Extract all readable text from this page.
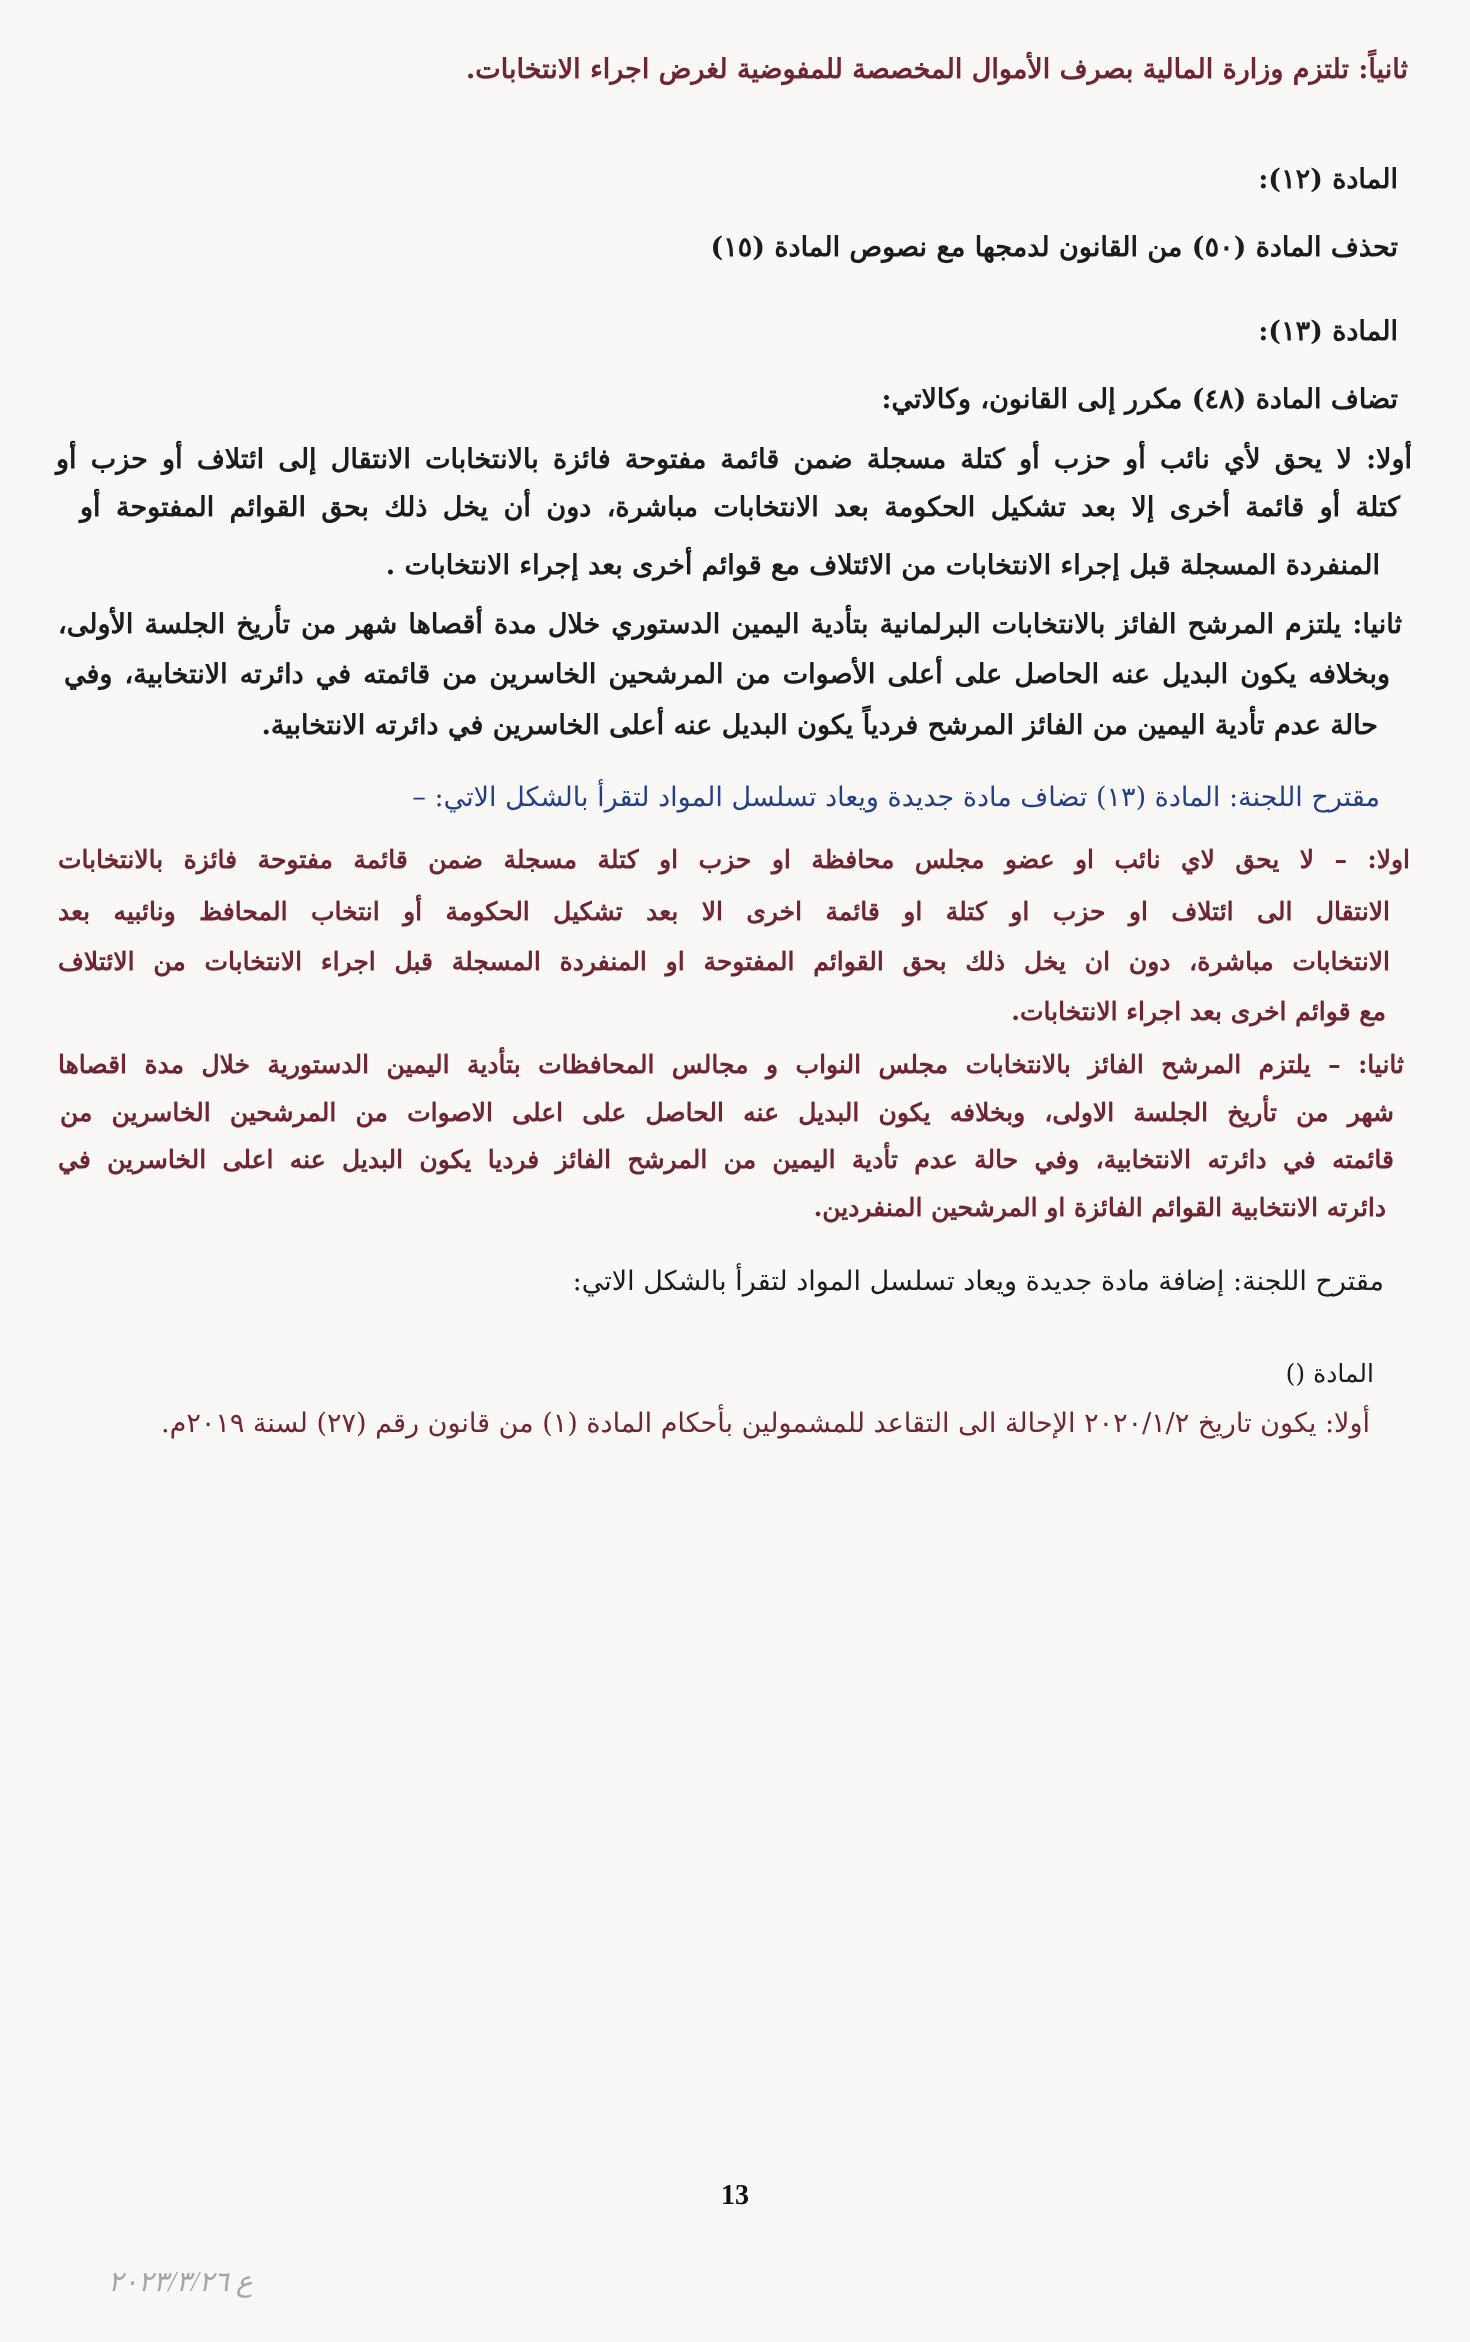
ثانياً: تلتزم وزارة المالية بصرف الأموال المخصصة للمفوضية لغرض اجراء الانتخابات.
المادة (١٢):
تحذف المادة (٥٠) من القانون لدمجها مع نصوص المادة (١٥)
المادة (١٣):
تضاف المادة (٤٨) مكرر إلى القانون، وكالاتي:
أولا: لا يحق لأي نائب أو حزب أو كتلة مسجلة ضمن قائمة مفتوحة فائزة بالانتخابات الانتقال إلى ائتلاف أو حزب أو
كتلة أو قائمة أخرى إلا بعد تشكيل الحكومة بعد الانتخابات مباشرة، دون أن يخل ذلك بحق القوائم المفتوحة أو
المنفردة المسجلة قبل إجراء الانتخابات من الائتلاف مع قوائم أخرى بعد إجراء الانتخابات .
ثانيا: يلتزم المرشح الفائز بالانتخابات البرلمانية بتأدية اليمين الدستوري خلال مدة أقصاها شهر من تأريخ الجلسة الأولى،
وبخلافه يكون البديل عنه الحاصل على أعلى الأصوات من المرشحين الخاسرين من قائمته في دائرته الانتخابية، وفي
حالة عدم تأدية اليمين من الفائز المرشح فردياً يكون البديل عنه أعلى الخاسرين في دائرته الانتخابية.
مقترح اللجنة: المادة (١٣) تضاف مادة جديدة ويعاد تسلسل المواد لتقرأ بالشكل الاتي: –
اولا: – لا يحق لاي نائب او عضو مجلس محافظة او حزب او كتلة مسجلة ضمن قائمة مفتوحة فائزة بالانتخابات
الانتقال الى ائتلاف او حزب او كتلة او قائمة اخرى الا بعد تشكيل الحكومة أو انتخاب المحافظ ونائبيه بعد
الانتخابات مباشرة، دون ان يخل ذلك بحق القوائم المفتوحة او المنفردة المسجلة قبل اجراء الانتخابات من الائتلاف
مع قوائم اخرى بعد اجراء الانتخابات.
ثانيا: – يلتزم المرشح الفائز بالانتخابات مجلس النواب و مجالس المحافظات بتأدية اليمين الدستورية خلال مدة اقصاها
شهر من تأريخ الجلسة الاولى، وبخلافه يكون البديل عنه الحاصل على اعلى الاصوات من المرشحين الخاسرين من
قائمته في دائرته الانتخابية، وفي حالة عدم تأدية اليمين من المرشح الفائز فرديا يكون البديل عنه اعلى الخاسرين في
دائرته الانتخابية القوائم الفائزة او المرشحين المنفردين.
مقترح اللجنة: إضافة مادة جديدة ويعاد تسلسل المواد لتقرأ بالشكل الاتي:
المادة ()
أولا: يكون تاريخ ٢٠٢٠/١/٢ الإحالة الى التقاعد للمشمولين بأحكام المادة (١) من قانون رقم (٢٧) لسنة ٢٠١٩م.
13
ع ٢٠٢٣/٣/٢٦
